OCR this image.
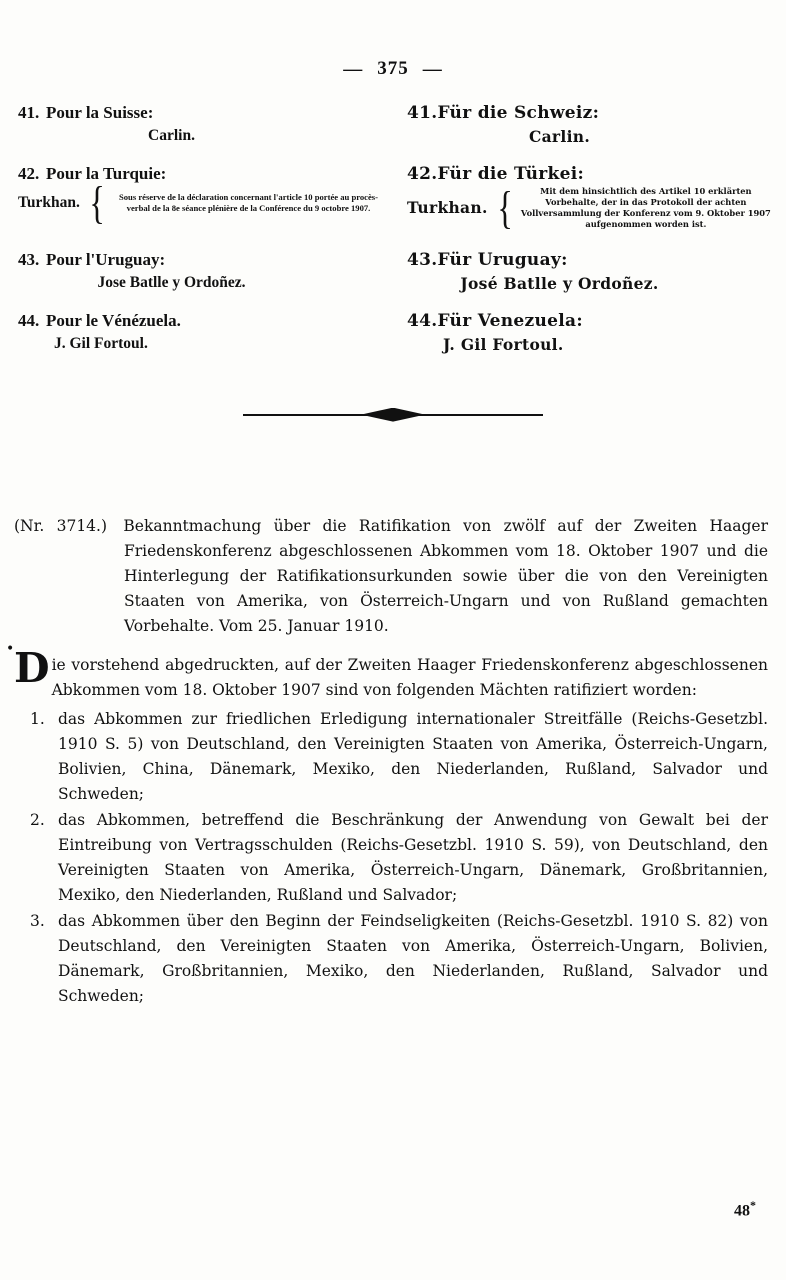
— 375 —
41. Pour la Suisse:
Carlin.
41.Für die Schweiz:
Carlin.
42. Pour la Turquie:
Turkhan. {	Sous réserve de la déclaration concernant l'article 10 portée au procès-verbal de la 8e séance plénière de la Conférence du 9 octobre 1907.
42.Für die Türkei:
Turkhan. {	Mit dem hinsichtlich des Artikel 10 erklärten Vorbehalte, der in das Protokoll der achten Vollversammlung der Konferenz vom 9. Oktober 1907 aufgenommen worden ist.
43. Pour l'Uruguay:
Jose Batlle y Ordoñez.
43.Für Uruguay:
José Batlle y Ordoñez.
44. Pour le Vénézuela.
J. Gil Fortoul.
44.Für Venezuela:
J. Gil Fortoul.
(Nr. 3714.) Bekanntmachung über die Ratifikation von zwölf auf der Zweiten Haager Friedenskonferenz abgeschlossenen Abkommen vom 18. Oktober 1907 und die Hinterlegung der Ratifikationsurkunden sowie über die von den Vereinigten Staaten von Amerika, von Österreich-Ungarn und von Rußland gemachten Vorbehalte. Vom 25. Januar 1910.
• D ie vorstehend abgedruckten, auf der Zweiten Haager Friedenskonferenz abgeschlossenen Abkommen vom 18. Oktober 1907 sind von folgenden Mächten ratifiziert worden:
1. das Abkommen zur friedlichen Erledigung internationaler Streitfälle (Reichs-Gesetzbl. 1910 S. 5) von Deutschland, den Vereinigten Staaten von Amerika, Österreich-Ungarn, Bolivien, China, Dänemark, Mexiko, den Niederlanden, Rußland, Salvador und Schweden;
2. das Abkommen, betreffend die Beschränkung der Anwendung von Gewalt bei der Eintreibung von Vertragsschulden (Reichs-Gesetzbl. 1910 S. 59), von Deutschland, den Vereinigten Staaten von Amerika, Österreich-Ungarn, Dänemark, Großbritannien, Mexiko, den Niederlanden, Rußland und Salvador;
3. das Abkommen über den Beginn der Feindseligkeiten (Reichs-Gesetzbl. 1910 S. 82) von Deutschland, den Vereinigten Staaten von Amerika, Österreich-Ungarn, Bolivien, Dänemark, Großbritannien, Mexiko, den Niederlanden, Rußland, Salvador und Schweden;
48*
